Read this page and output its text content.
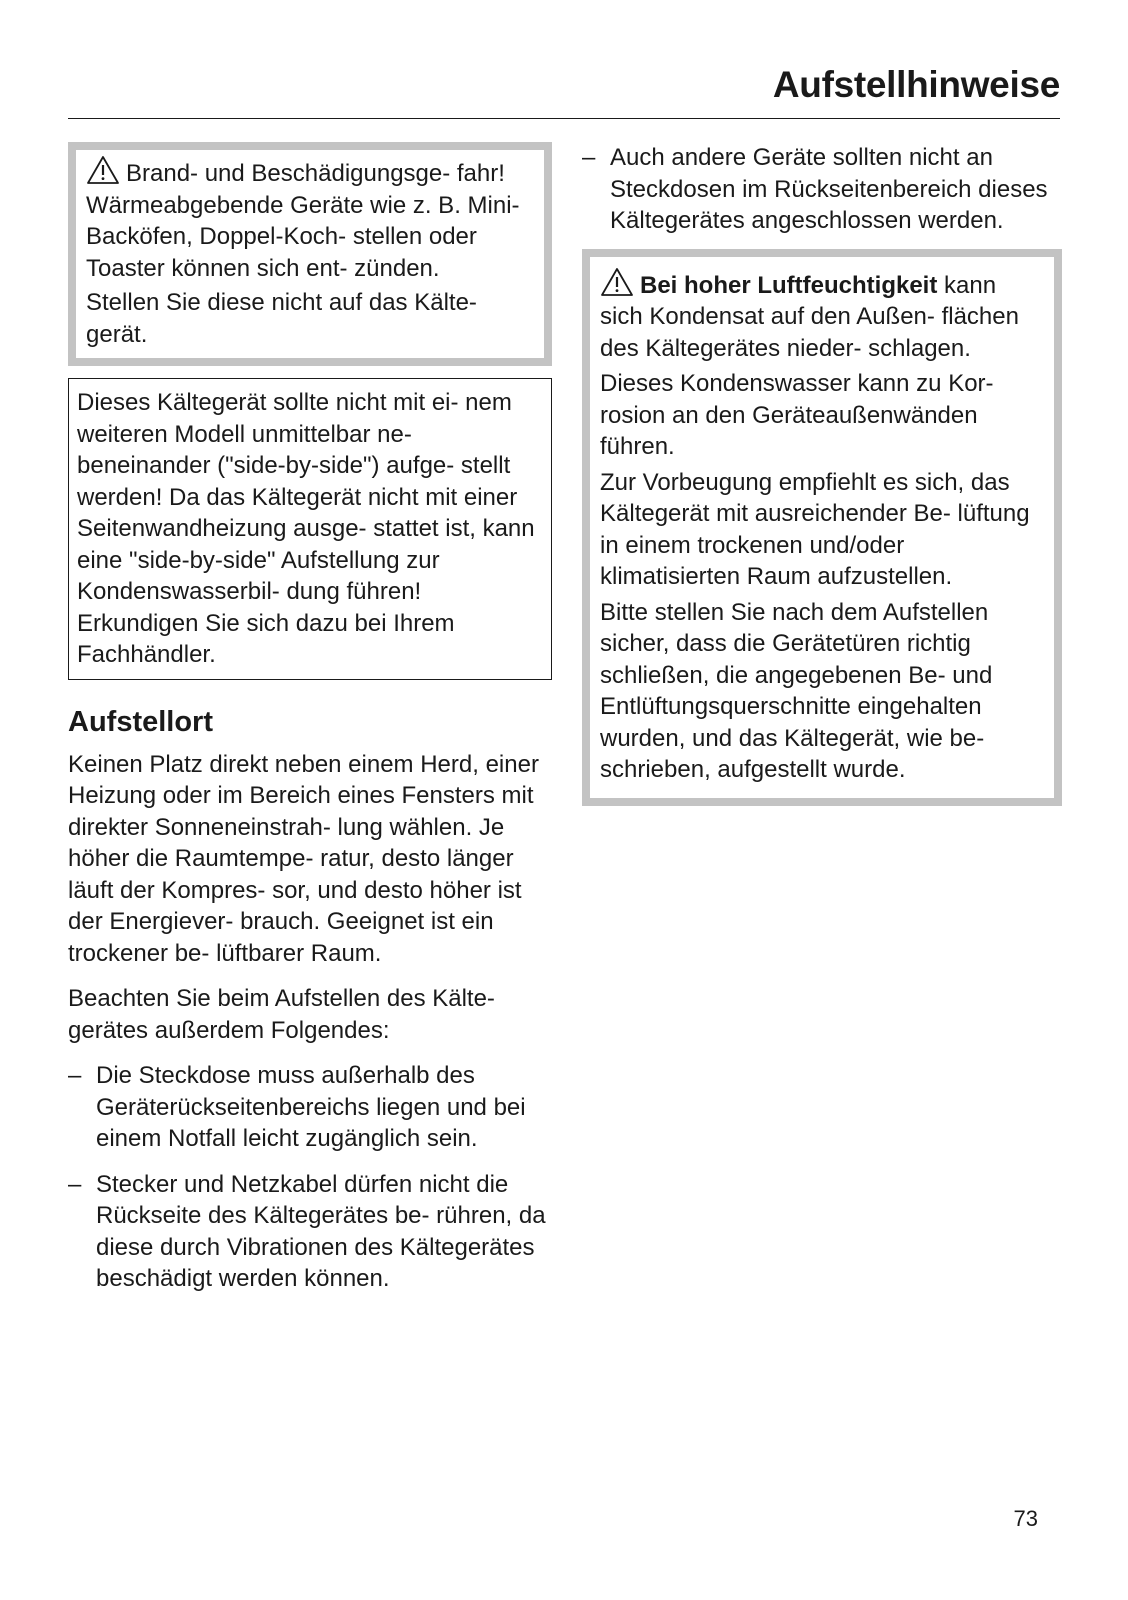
Aufstellhinweise

Brand- und Beschädigungsge- fahr! Wärmeabgebende Geräte wie z. B. Mini-Backöfen, Doppel-Koch- stellen oder Toaster können sich ent- zünden.

Stellen Sie diese nicht auf das Kälte- gerät.

Dieses Kältegerät sollte nicht mit ei- nem weiteren Modell unmittelbar ne- beneinander ("side-by-side") aufge- stellt werden! Da das Kältegerät nicht mit einer Seitenwandheizung ausge- stattet ist, kann eine "side-by-side" Aufstellung zur Kondenswasserbil- dung führen! Erkundigen Sie sich dazu bei Ihrem Fachhändler.

Aufstellort

Keinen Platz direkt neben einem Herd, einer Heizung oder im Bereich eines Fensters mit direkter Sonneneinstrah- lung wählen. Je höher die Raumtempe- ratur, desto länger läuft der Kompres- sor, und desto höher ist der Energiever- brauch. Geeignet ist ein trockener be- lüftbarer Raum.

Beachten Sie beim Aufstellen des Kälte- gerätes außerdem Folgendes:

– Die Steckdose muss außerhalb des Geräterückseitenbereichs liegen und bei einem Notfall leicht zugänglich sein.
– Stecker und Netzkabel dürfen nicht die Rückseite des Kältegerätes be- rühren, da diese durch Vibrationen des Kältegerätes beschädigt werden können.
– Auch andere Geräte sollten nicht an Steckdosen im Rückseitenbereich dieses Kältegerätes angeschlossen werden.

Bei hoher Luftfeuchtigkeit kann sich Kondensat auf den Außen- flächen des Kältegerätes nieder- schlagen.

Dieses Kondenswasser kann zu Kor- rosion an den Geräteaußenwänden führen.

Zur Vorbeugung empfiehlt es sich, das Kältegerät mit ausreichender Be- lüftung in einem trockenen und/oder klimatisierten Raum aufzustellen.

Bitte stellen Sie nach dem Aufstellen sicher, dass die Gerätetüren richtig schließen, die angegebenen Be- und Entlüftungsquerschnitte eingehalten wurden, und das Kältegerät, wie be- schrieben, aufgestellt wurde.

73
